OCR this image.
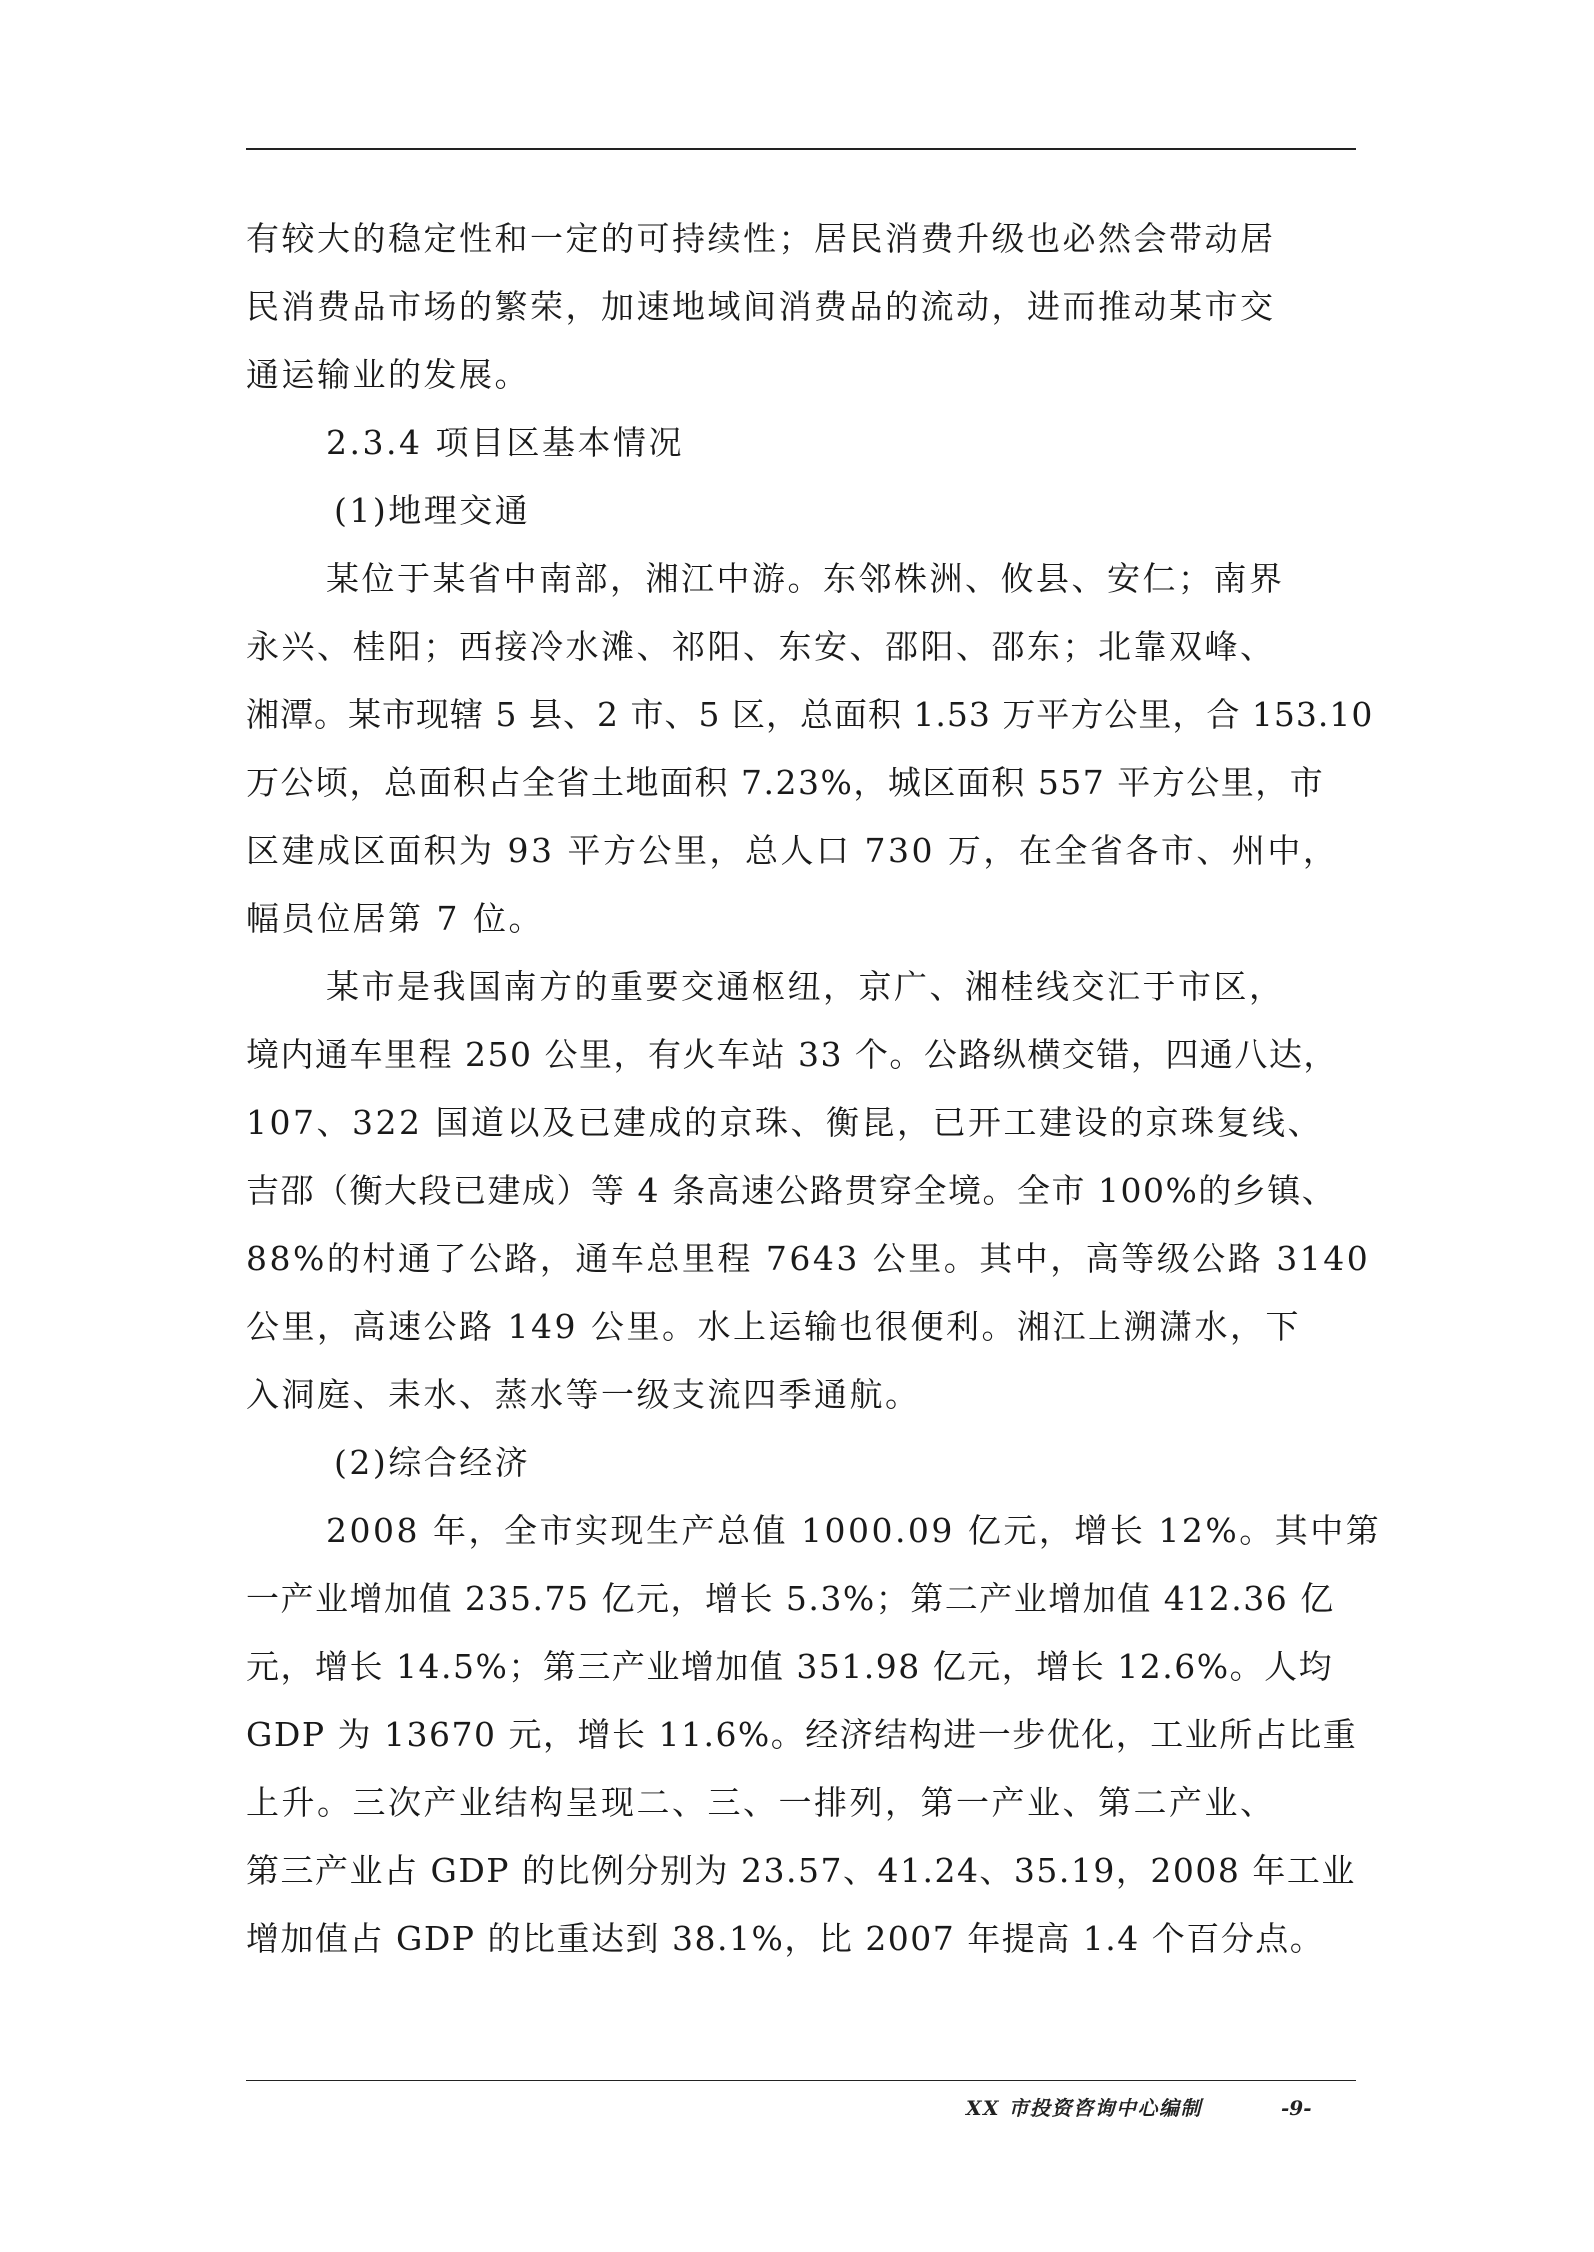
有较大的稳定性和一定的可持续性；居民消费升级也必然会带动居
民消费品市场的繁荣，加速地域间消费品的流动，进而推动某市交
通运输业的发展。
2.3.4 项目区基本情况
(1)地理交通
某位于某省中南部，湘江中游。东邻株洲、攸县、安仁；南界
永兴、桂阳；西接冷水滩、祁阳、东安、邵阳、邵东；北靠双峰、
湘潭。某市现辖 5 县、2 市、5 区，总面积 1.53 万平方公里，合 153.10
万公顷，总面积占全省土地面积 7.23%，城区面积 557 平方公里，市
区建成区面积为 93 平方公里，总人口 730 万，在全省各市、州中，
幅员位居第 7 位。
某市是我国南方的重要交通枢纽，京广、湘桂线交汇于市区，
境内通车里程 250 公里，有火车站 33 个。公路纵横交错，四通八达，
107、322 国道以及已建成的京珠、衡昆，已开工建设的京珠复线、
吉邵（衡大段已建成）等 4 条高速公路贯穿全境。全市 100%的乡镇、
88%的村通了公路，通车总里程 7643 公里。其中，高等级公路 3140
公里，高速公路 149 公里。水上运输也很便利。湘江上溯潇水，下
入洞庭、耒水、蒸水等一级支流四季通航。
(2)综合经济
2008 年，全市实现生产总值 1000.09 亿元，增长 12%。其中第
一产业增加值 235.75 亿元，增长 5.3%；第二产业增加值 412.36 亿
元，增长 14.5%；第三产业增加值 351.98 亿元，增长 12.6%。人均
GDP 为 13670 元，增长 11.6%。经济结构进一步优化，工业所占比重
上升。三次产业结构呈现二、三、一排列，第一产业、第二产业、
第三产业占 GDP 的比例分别为 23.57、41.24、35.19，2008 年工业
增加值占 GDP 的比重达到 38.1%，比 2007 年提高 1.4 个百分点。
XX 市投资咨询中心编制	-9-
